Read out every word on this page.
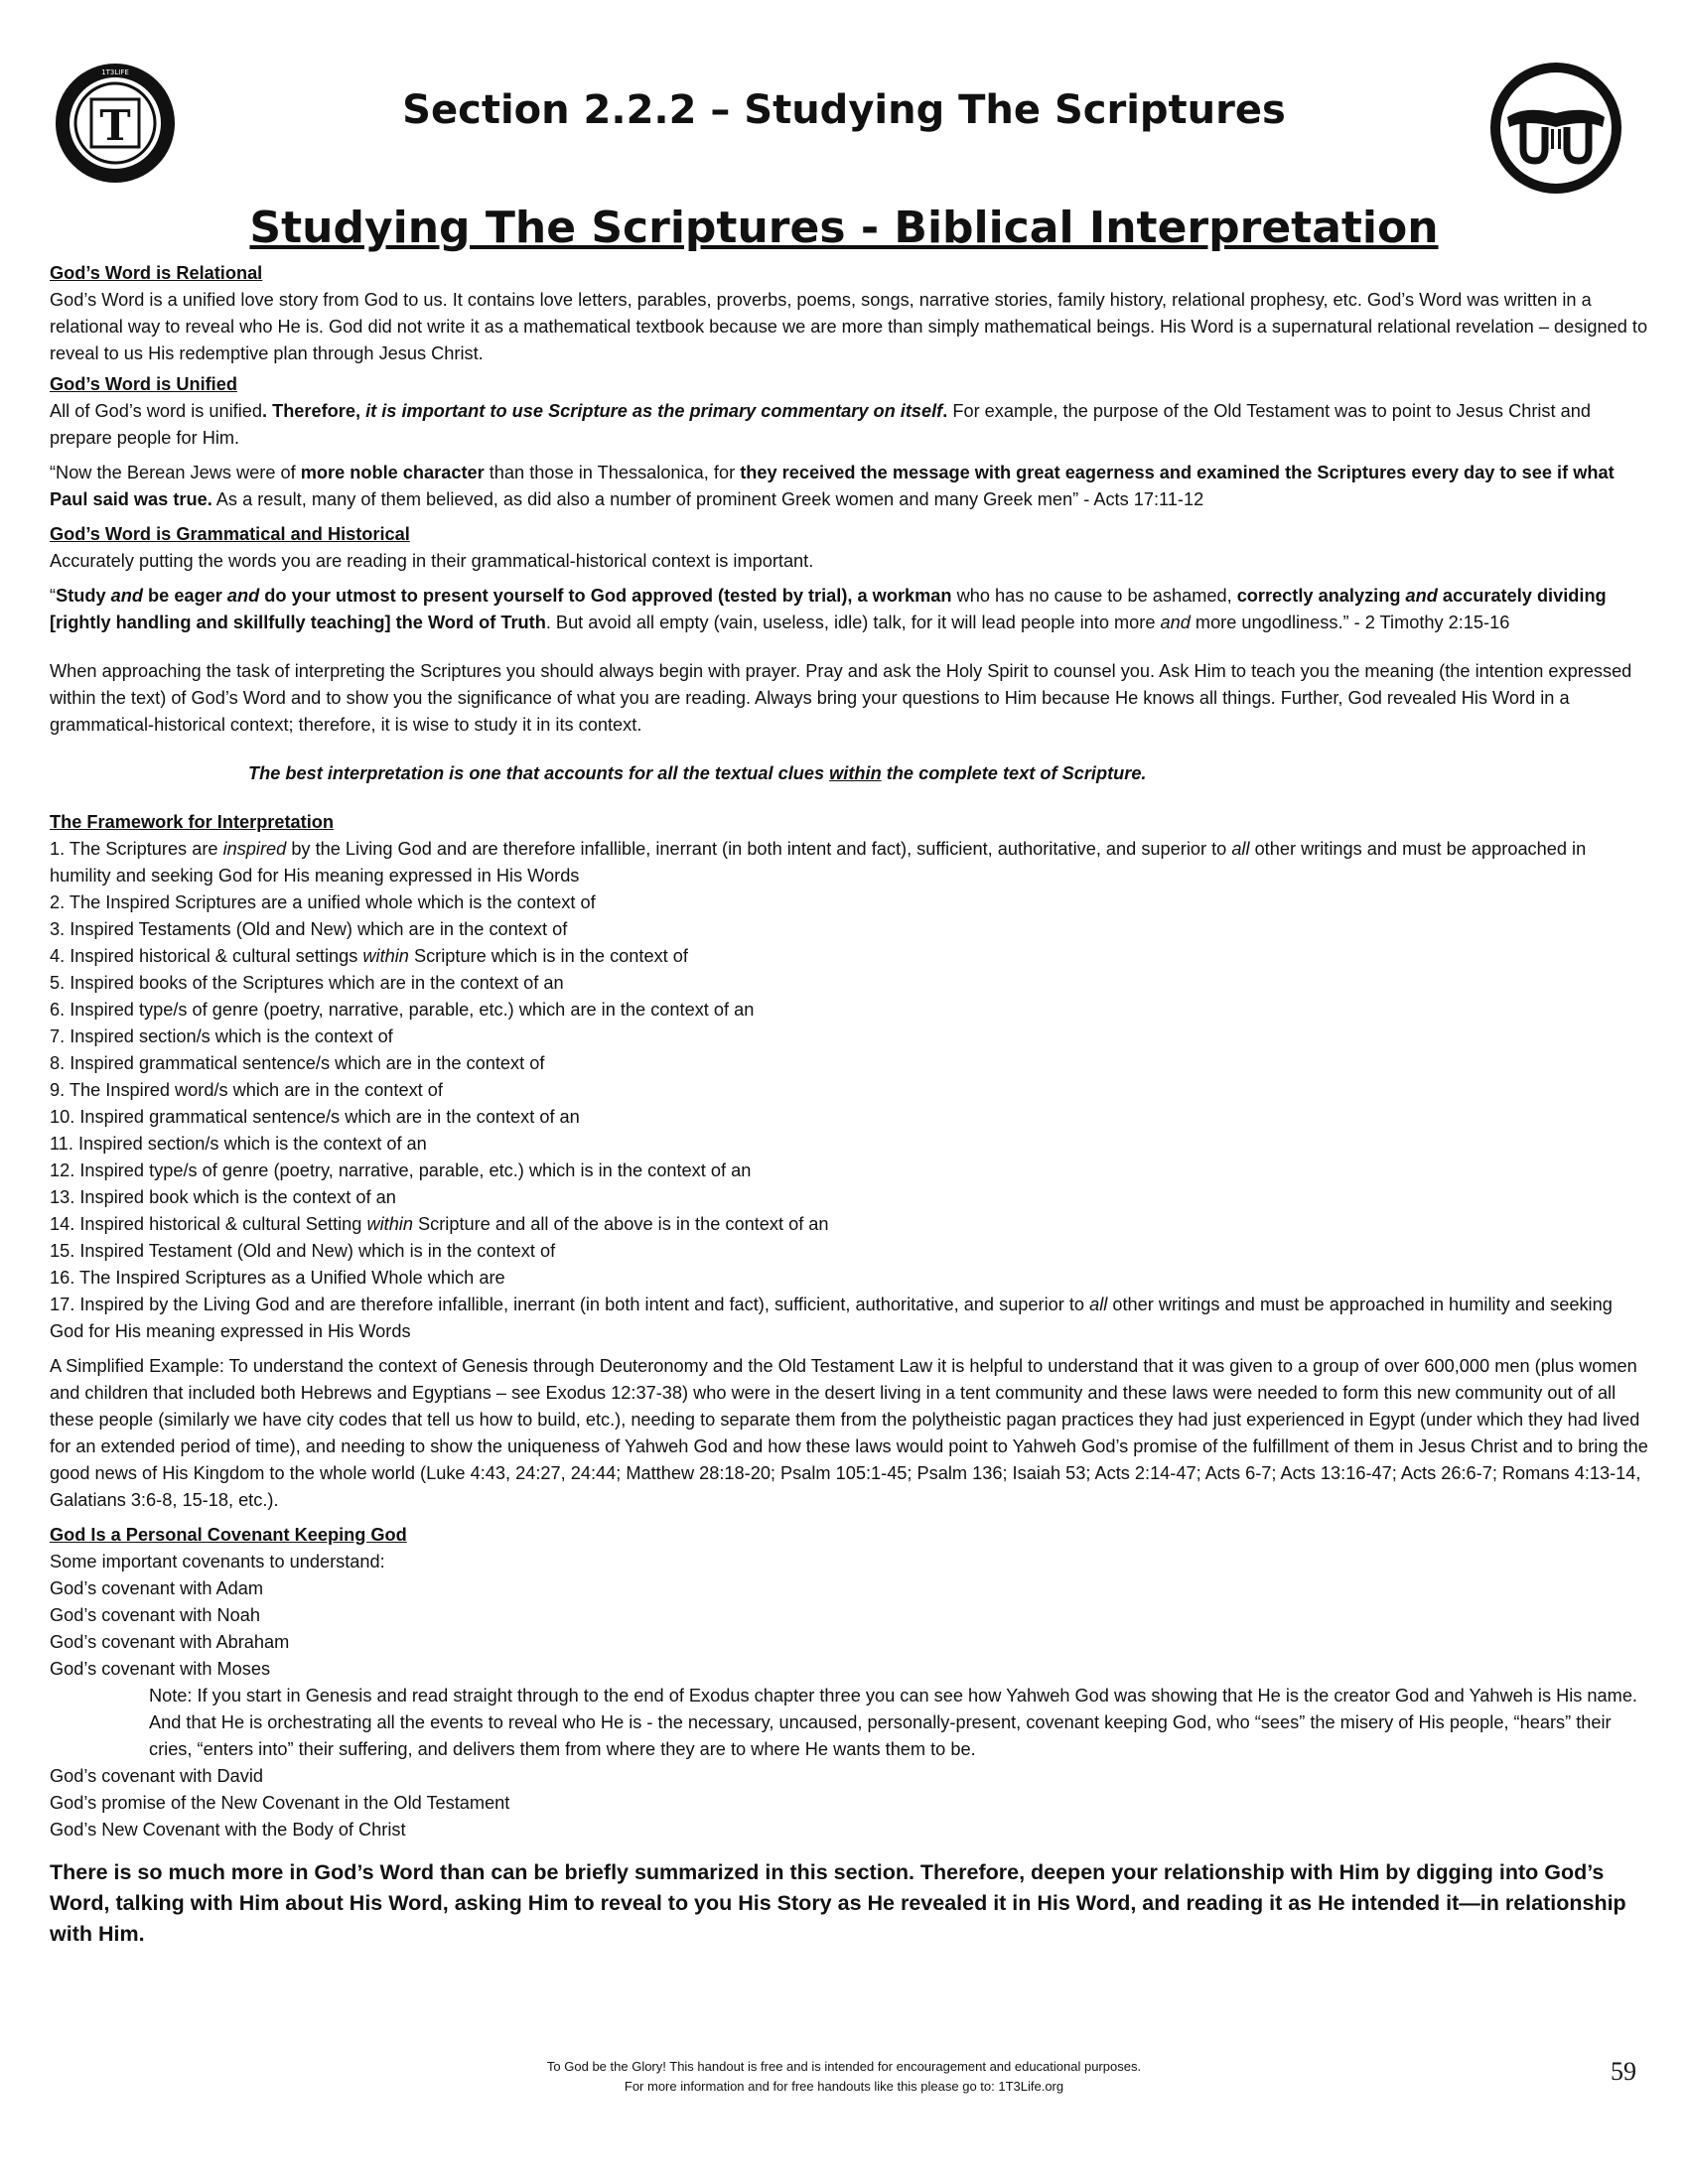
T
1T3LIFE
Section 2.2.2 – Studying The Scriptures
Studying The Scriptures - Biblical Interpretation

God’s Word is Relational

God’s Word is a unified love story from God to us. It contains love letters, parables, proverbs, poems, songs, narrative stories, family history, relational prophesy, etc. God’s Word was written in a relational way to reveal who He is. God did not write it as a mathematical textbook because we are more than simply mathematical beings. His Word is a supernatural relational revelation – designed to reveal to us His redemptive plan through Jesus Christ.

God’s Word is Unified

All of God’s word is unified. Therefore, it is important to use Scripture as the primary commentary on itself. For example, the purpose of the Old Testament was to point to Jesus Christ and prepare people for Him.

“Now the Berean Jews were of more noble character than those in Thessalonica, for they received the message with great eagerness and examined the Scriptures every day to see if what Paul said was true. As a result, many of them believed, as did also a number of prominent Greek women and many Greek men” - Acts 17:11-12

God’s Word is Grammatical and Historical

Accurately putting the words you are reading in their grammatical-historical context is important.

“Study and be eager and do your utmost to present yourself to God approved (tested by trial), a workman who has no cause to be ashamed, correctly analyzing and accurately dividing [rightly handling and skillfully teaching] the Word of Truth. But avoid all empty (vain, useless, idle) talk, for it will lead people into more and more ungodliness.” - 2 Timothy 2:15-16

When approaching the task of interpreting the Scriptures you should always begin with prayer. Pray and ask the Holy Spirit to counsel you. Ask Him to teach you the meaning (the intention expressed within the text) of God’s Word and to show you the significance of what you are reading. Always bring your questions to Him because He knows all things. Further, God revealed His Word in a grammatical-historical context; therefore, it is wise to study it in its context.

The best interpretation is one that accounts for all the textual clues within the complete text of Scripture.

The Framework for Interpretation

1. The Scriptures are inspired by the Living God and are therefore infallible, inerrant (in both intent and fact), sufficient, authoritative, and superior to all other writings and must be approached in humility and seeking God for His meaning expressed in His Words

2. The Inspired Scriptures are a unified whole which is the context of

3. Inspired Testaments (Old and New) which are in the context of

4. Inspired historical & cultural settings within Scripture which is in the context of

5. Inspired books of the Scriptures which are in the context of an

6. Inspired type/s of genre (poetry, narrative, parable, etc.) which are in the context of an

7. Inspired section/s which is the context of

8. Inspired grammatical sentence/s which are in the context of

9. The Inspired word/s which are in the context of

10. Inspired grammatical sentence/s which are in the context of an

11. Inspired section/s which is the context of an

12. Inspired type/s of genre (poetry, narrative, parable, etc.) which is in the context of an

13. Inspired book which is the context of an

14. Inspired historical & cultural Setting within Scripture and all of the above is in the context of an

15. Inspired Testament (Old and New) which is in the context of

16. The Inspired Scriptures as a Unified Whole which are

17. Inspired by the Living God and are therefore infallible, inerrant (in both intent and fact), sufficient, authoritative, and superior to all other writings and must be approached in humility and seeking God for His meaning expressed in His Words

A Simplified Example: To understand the context of Genesis through Deuteronomy and the Old Testament Law it is helpful to understand that it was given to a group of over 600,000 men (plus women and children that included both Hebrews and Egyptians – see Exodus 12:37-38) who were in the desert living in a tent community and these laws were needed to form this new community out of all these people (similarly we have city codes that tell us how to build, etc.), needing to separate them from the polytheistic pagan practices they had just experienced in Egypt (under which they had lived for an extended period of time), and needing to show the uniqueness of Yahweh God and how these laws would point to Yahweh God’s promise of the fulfillment of them in Jesus Christ and to bring the good news of His Kingdom to the whole world (Luke 4:43, 24:27, 24:44; Matthew 28:18-20; Psalm 105:1-45; Psalm 136; Isaiah 53; Acts 2:14-47; Acts 6-7; Acts 13:16-47; Acts 26:6-7; Romans 4:13-14, Galatians 3:6-8, 15-18, etc.).

God Is a Personal Covenant Keeping God

Some important covenants to understand:

God’s covenant with Adam

God’s covenant with Noah

God’s covenant with Abraham

God’s covenant with Moses

Note: If you start in Genesis and read straight through to the end of Exodus chapter three you can see how Yahweh God was showing that He is the creator God and Yahweh is His name. And that He is orchestrating all the events to reveal who He is - the necessary, uncaused, personally-present, covenant keeping God, who “sees” the misery of His people, “hears” their cries, “enters into” their suffering, and delivers them from where they are to where He wants them to be.

God’s covenant with David

God’s promise of the New Covenant in the Old Testament

God’s New Covenant with the Body of Christ

There is so much more in God’s Word than can be briefly summarized in this section. Therefore, deepen your relationship with Him by digging into God’s Word, talking with Him about His Word, asking Him to reveal to you His Story as He revealed it in His Word, and reading it as He intended it—in relationship with Him.

To God be the Glory! This handout is free and is intended for encouragement and educational purposes.
For more information and for free handouts like this please go to: 1T3Life.org
59
